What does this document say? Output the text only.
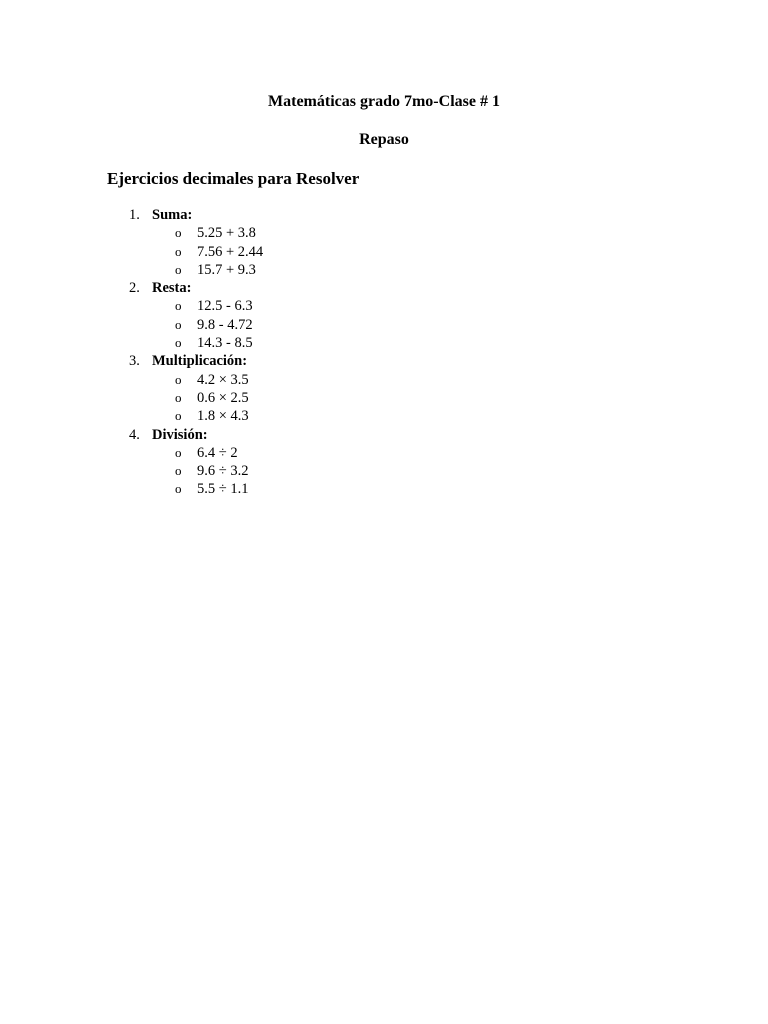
Matemáticas grado 7mo-Clase # 1
Repaso
Ejercicios decimales para Resolver
1. Suma:
o 5.25 + 3.8
o 7.56 + 2.44
o 15.7 + 9.3
2. Resta:
o 12.5 - 6.3
o 9.8 - 4.72
o 14.3 - 8.5
3. Multiplicación:
o 4.2 × 3.5
o 0.6 × 2.5
o 1.8 × 4.3
4. División:
o 6.4 ÷ 2
o 9.6 ÷ 3.2
o 5.5 ÷ 1.1
